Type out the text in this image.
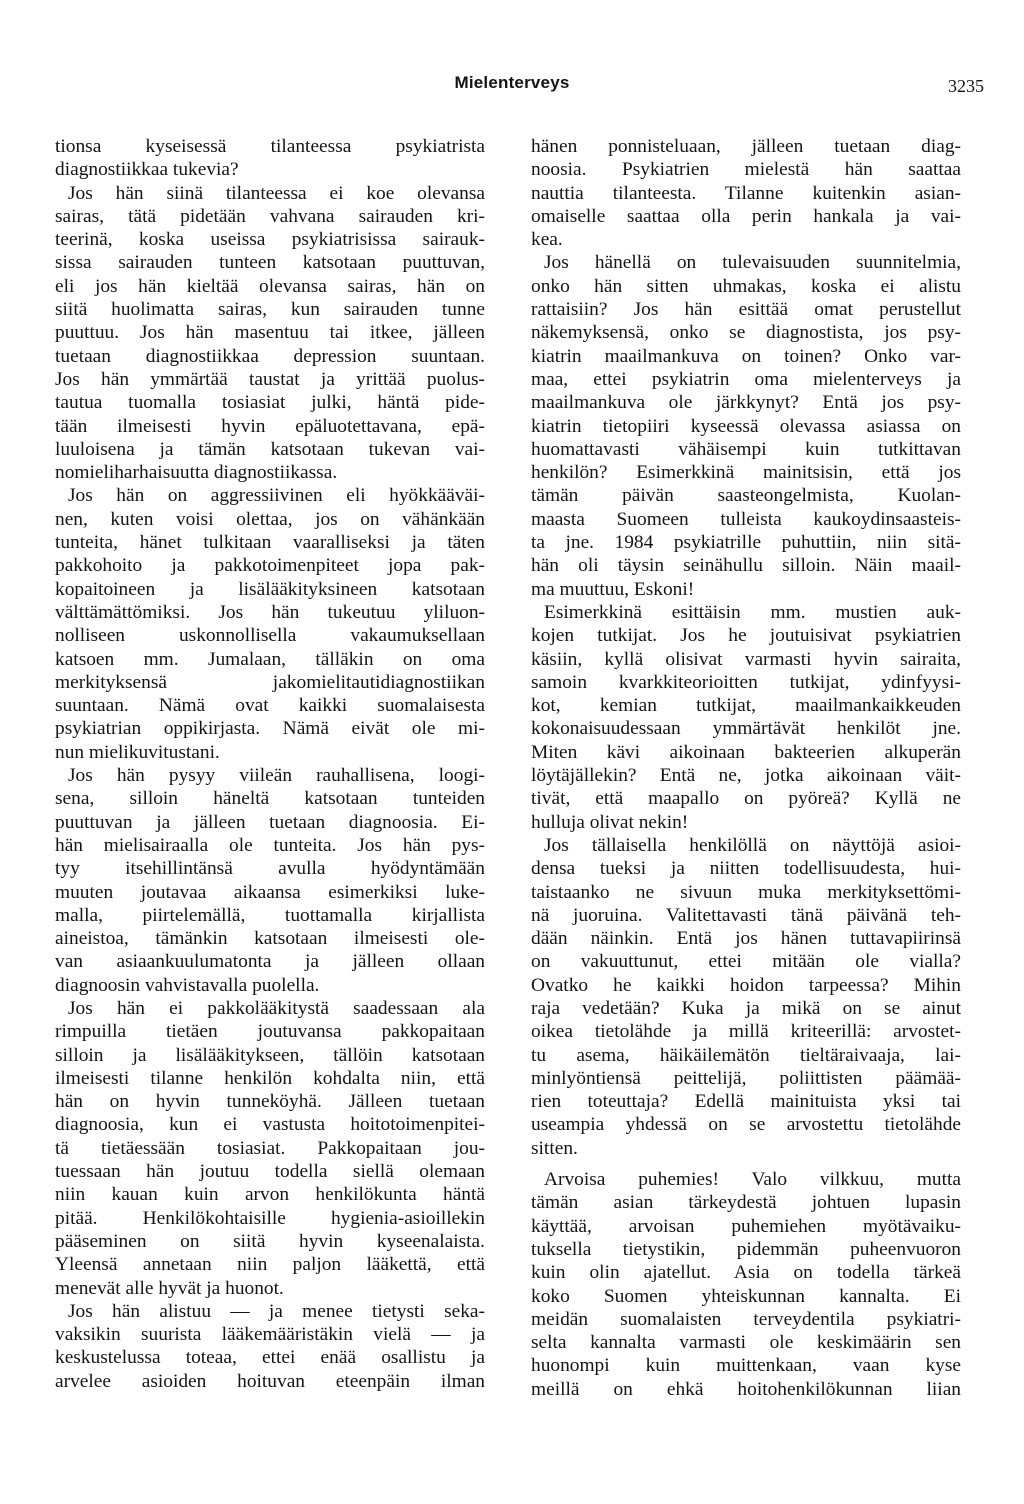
Mielenterveys	3235
tionsa kyseisessä tilanteessa psykiatrista
diagnostiikkaa tukevia?
Jos hän siinä tilanteessa ei koe olevansa
sairas, tätä pidetään vahvana sairauden kri-
teerinä, koska useissa psykiatrisissa sairauk-
sissa sairauden tunteen katsotaan puuttuvan,
eli jos hän kieltää olevansa sairas, hän on
siitä huolimatta sairas, kun sairauden tunne
puuttuu. Jos hän masentuu tai itkee, jälleen
tuetaan diagnostiikkaa depression suuntaan.
Jos hän ymmärtää taustat ja yrittää puolus-
tautua tuomalla tosiasiat julki, häntä pide-
tään ilmeisesti hyvin epäluotettavana, epä-
luuloisena ja tämän katsotaan tukevan vai-
nomieliharhaisuutta diagnostiikassa.
Jos hän on aggressiivinen eli hyökkääväi-
nen, kuten voisi olettaa, jos on vähänkään
tunteita, hänet tulkitaan vaaralliseksi ja täten
pakkohoito ja pakkotoimenpiteet jopa pak-
kopaitoineen ja lisälääkityksineen katsotaan
välttämättömiksi. Jos hän tukeutuu yliluon-
nolliseen uskonnollisella vakaumuksellaan
katsoen mm. Jumalaan, tälläkin on oma
merkityksensä jakomielitautidiagnostiikan
suuntaan. Nämä ovat kaikki suomalaisesta
psykiatrian oppikirjasta. Nämä eivät ole mi-
nun mielikuvitustani.
Jos hän pysyy viileän rauhallisena, loogi-
sena, silloin häneltä katsotaan tunteiden
puuttuvan ja jälleen tuetaan diagnoosia. Ei-
hän mielisairaalla ole tunteita. Jos hän pys-
tyy itsehillintänsä avulla hyödyntämään
muuten joutavaa aikaansa esimerkiksi luke-
malla, piirtelemällä, tuottamalla kirjallista
aineistoa, tämänkin katsotaan ilmeisesti ole-
van asiaankuulumatonta ja jälleen ollaan
diagnoosin vahvistavalla puolella.
Jos hän ei pakkolääkitystä saadessaan ala
rimpuilla tietäen joutuvansa pakkopaitaan
silloin ja lisälääkitykseen, tällöin katsotaan
ilmeisesti tilanne henkilön kohdalta niin, että
hän on hyvin tunneköyhä. Jälleen tuetaan
diagnoosia, kun ei vastusta hoitotoimenpitei-
tä tietäessään tosiasiat. Pakkopaitaan jou-
tuessaan hän joutuu todella siellä olemaan
niin kauan kuin arvon henkilökunta häntä
pitää. Henkilökohtaisille hygienia-asioillekin
pääseminen on siitä hyvin kyseenalaista.
Yleensä annetaan niin paljon lääkettä, että
menevät alle hyvät ja huonot.
Jos hän alistuu — ja menee tietysti seka-
vaksikin suurista lääkemääristäkin vielä — ja
keskustelussa toteaa, ettei enää osallistu ja
arvelee asioiden hoituvan eteenpäin ilman
hänen ponnisteluaan, jälleen tuetaan diag-
noosia. Psykiatrien mielestä hän saattaa
nauttia tilanteesta. Tilanne kuitenkin asian-
omaiselle saattaa olla perin hankala ja vai-
kea.
Jos hänellä on tulevaisuuden suunnitelmia,
onko hän sitten uhmakas, koska ei alistu
rattaisiin? Jos hän esittää omat perustellut
näkemyksensä, onko se diagnostista, jos psy-
kiatrin maailmankuva on toinen? Onko var-
maa, ettei psykiatrin oma mielenterveys ja
maailmankuva ole järkkynyt? Entä jos psy-
kiatrin tietopiiri kyseessä olevassa asiassa on
huomattavasti vähäisempi kuin tutkittavan
henkilön? Esimerkkinä mainitsisin, että jos
tämän päivän saasteongelmista, Kuolan-
maasta Suomeen tulleista kaukoydinsaasteis-
ta jne. 1984 psykiatrille puhuttiin, niin sitä-
hän oli täysin seinähullu silloin. Näin maail-
ma muuttuu, Eskoni!
Esimerkkinä esittäisin mm. mustien auk-
kojen tutkijat. Jos he joutuisivat psykiatrien
käsiin, kyllä olisivat varmasti hyvin sairaita,
samoin kvarkkiteorioitten tutkijat, ydinfyysi-
kot, kemian tutkijat, maailmankaikkeuden
kokonaisuudessaan ymmärtävät henkilöt jne.
Miten kävi aikoinaan bakteerien alkuperän
löytäjällekin? Entä ne, jotka aikoinaan väit-
tivät, että maapallo on pyöreä? Kyllä ne
hulluja olivat nekin!
Jos tällaisella henkilöllä on näyttöjä asioi-
densa tueksi ja niitten todellisuudesta, hui-
taistaanko ne sivuun muka merkityksettömi-
nä juoruina. Valitettavasti tänä päivänä teh-
dään näinkin. Entä jos hänen tuttavapiirinsä
on vakuuttunut, ettei mitään ole vialla?
Ovatko he kaikki hoidon tarpeessa? Mihin
raja vedetään? Kuka ja mikä on se ainut
oikea tietolähde ja millä kriteerillä: arvostet-
tu asema, häikäilemätön tieltäraivaaja, lai-
minlyöntiensä peittelijä, poliittisten päämää-
rien toteuttaja? Edellä mainituista yksi tai
useampia yhdessä on se arvostettu tietolähde
sitten.
Arvoisa puhemies! Valo vilkkuu, mutta
tämän asian tärkeydestä johtuen lupasin
käyttää, arvoisan puhemiehen myötävaiku-
tuksella tietystikin, pidemmän puheenvuoron
kuin olin ajatellut. Asia on todella tärkeä
koko Suomen yhteiskunnan kannalta. Ei
meidän suomalaisten terveydentila psykiatri-
selta kannalta varmasti ole keskimäärin sen
huonompi kuin muittenkaan, vaan kyse
meillä on ehkä hoitohenkilökunnan liian
